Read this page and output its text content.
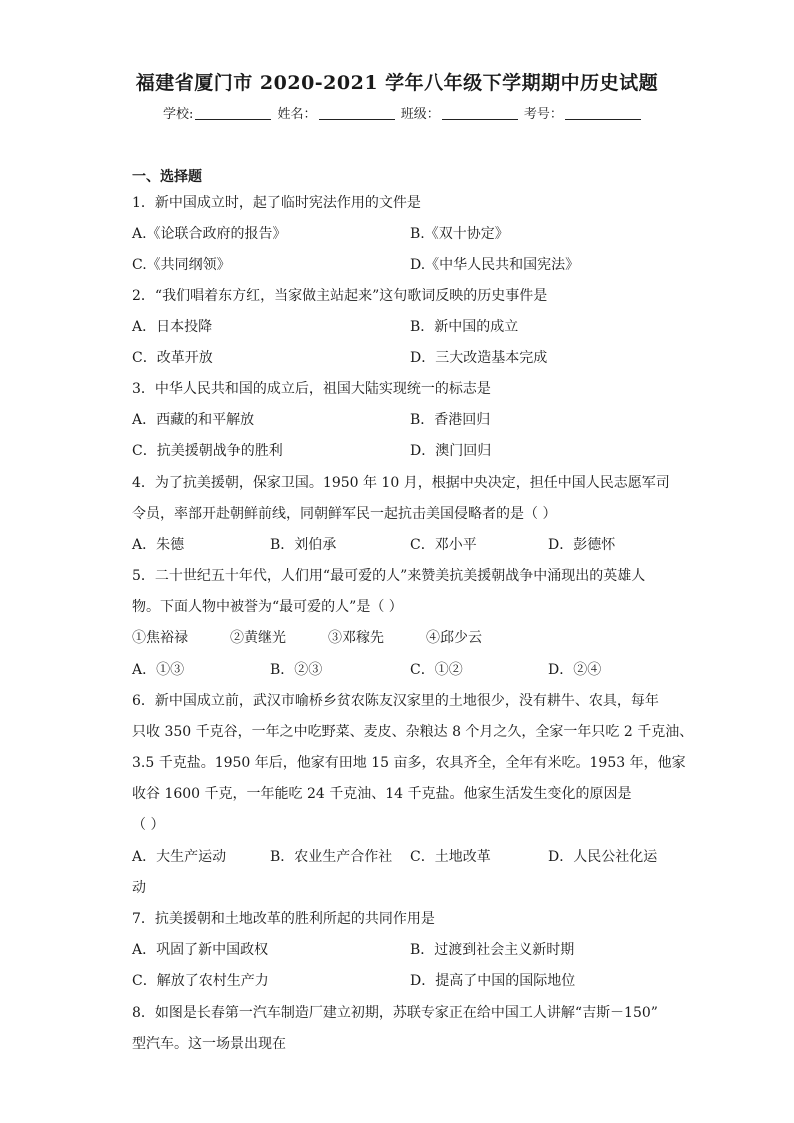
福建省厦门市 2020-2021 学年八年级下学期期中历史试题
学校:	姓名：	班级：	考号：
一、选择题
1．新中国成立时，起了临时宪法作用的文件是
A.《论联合政府的报告》	B.《双十协定》
C.《共同纲领》	D.《中华人民共和国宪法》
2．“我们唱着东方红，当家做主站起来”这句歌词反映的历史事件是
A．日本投降	B．新中国的成立
C．改革开放	D．三大改造基本完成
3．中华人民共和国的成立后，祖国大陆实现统一的标志是
A．西藏的和平解放	B．香港回归
C．抗美援朝战争的胜利	D．澳门回归
4．为了抗美援朝，保家卫国。1950 年 10 月，根据中央决定，担任中国人民志愿军司
令员，率部开赴朝鲜前线，同朝鲜军民一起抗击美国侵略者的是（ ）
A．朱德	B．刘伯承	C．邓小平	D．彭德怀
5．二十世纪五十年代，人们用“最可爱的人”来赞美抗美援朝战争中涌现出的英雄人
物。下面人物中被誉为“最可爱的人”是（ ）
①焦裕禄	②黄继光	③邓稼先	④邱少云
A．①③	B．②③	C．①②	D．②④
6．新中国成立前，武汉市喻桥乡贫农陈友汉家里的土地很少，没有耕牛、农具，每年
只收 350 千克谷，一年之中吃野菜、麦皮、杂粮达 8 个月之久，全家一年只吃 2 千克油、
3.5 千克盐。1950 年后，他家有田地 15 亩多，农具齐全，全年有米吃。1953 年，他家
收谷 1600 千克，一年能吃 24 千克油、14 千克盐。他家生活发生变化的原因是
（ ）
A．大生产运动	B．农业生产合作社 C．土地改革	D．人民公社化运
动
7．抗美援朝和土地改革的胜利所起的共同作用是
A．巩固了新中国政权	B．过渡到社会主义新时期
C．解放了农村生产力	D．提高了中国的国际地位
8．如图是长春第一汽车制造厂建立初期，苏联专家正在给中国工人讲解“吉斯－150”
型汽车。这一场景出现在
